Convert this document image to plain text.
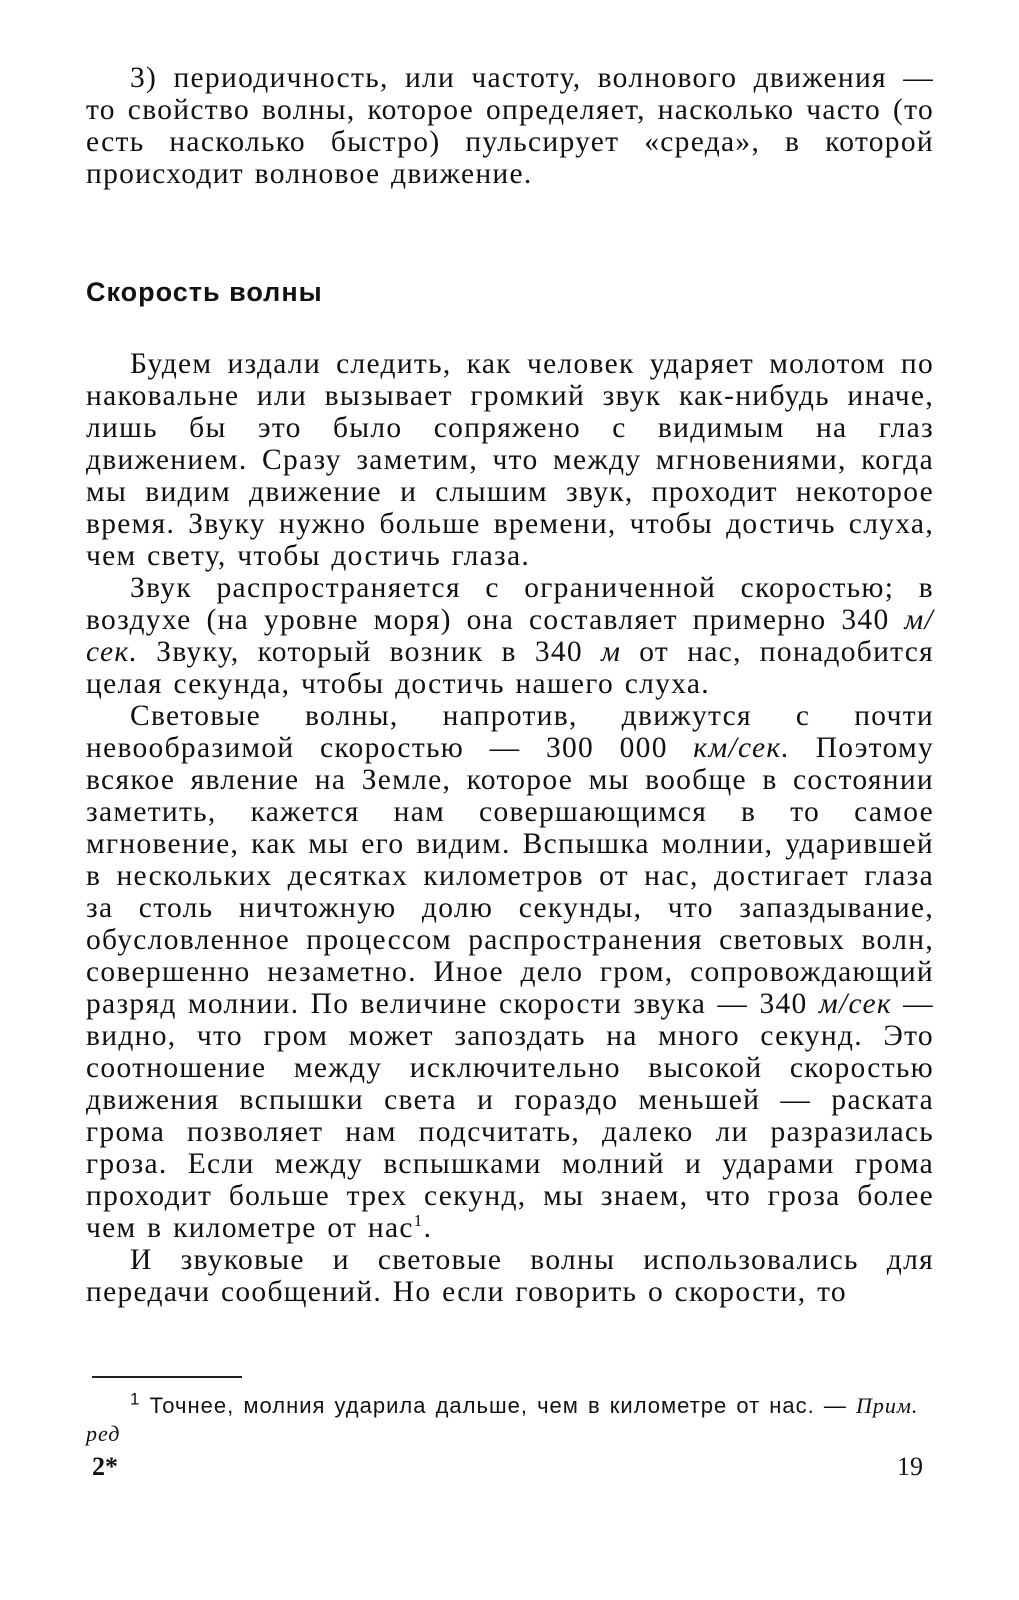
3) периодичность, или частоту, волнового движения — то свойство волны, которое определяет, насколько часто (то есть насколько быстро) пульсирует «среда», в которой происходит волновое движение.

Скорость волны

Будем издали следить, как человек ударяет молотом по наковальне или вызывает громкий звук как-нибудь иначе, лишь бы это было сопряжено с видимым на глаз движением. Сразу заметим, что между мгновениями, когда мы видим движение и слышим звук, проходит некоторое время. Звуку нужно больше времени, чтобы достичь слуха, чем свету, чтобы достичь глаза.

Звук распространяется с ограниченной скоростью; в воздухе (на уровне моря) она составляет примерно 340 м/сек. Звуку, который возник в 340 м от нас, понадобится целая секунда, чтобы достичь нашего слуха.

Световые волны, напротив, движутся с почти невообразимой скоростью — 300 000 км/сек. Поэтому всякое явление на Земле, которое мы вообще в состоянии заметить, кажется нам совершающимся в то самое мгновение, как мы его видим. Вспышка молнии, ударившей в нескольких десятках километров от нас, достигает глаза за столь ничтожную долю секунды, что запаздывание, обусловленное процессом распространения световых волн, совершенно незаметно. Иное дело гром, сопровождающий разряд молнии. По величине скорости звука — 340 м/сек — видно, что гром может запоздать на много секунд. Это соотношение между исключительно высокой скоростью движения вспышки света и гораздо меньшей — раската грома позволяет нам подсчитать, далеко ли разразилась гроза. Если между вспышками молний и ударами грома проходит больше трех секунд, мы знаем, что гроза более чем в километре от нас$^1$.

И звуковые и световые волны использовались для передачи сообщений. Но если говорить о скорости, то

$^1$ Точнее, молния ударила дальше, чем в километре от нас. — Прим. ред

2*	19
